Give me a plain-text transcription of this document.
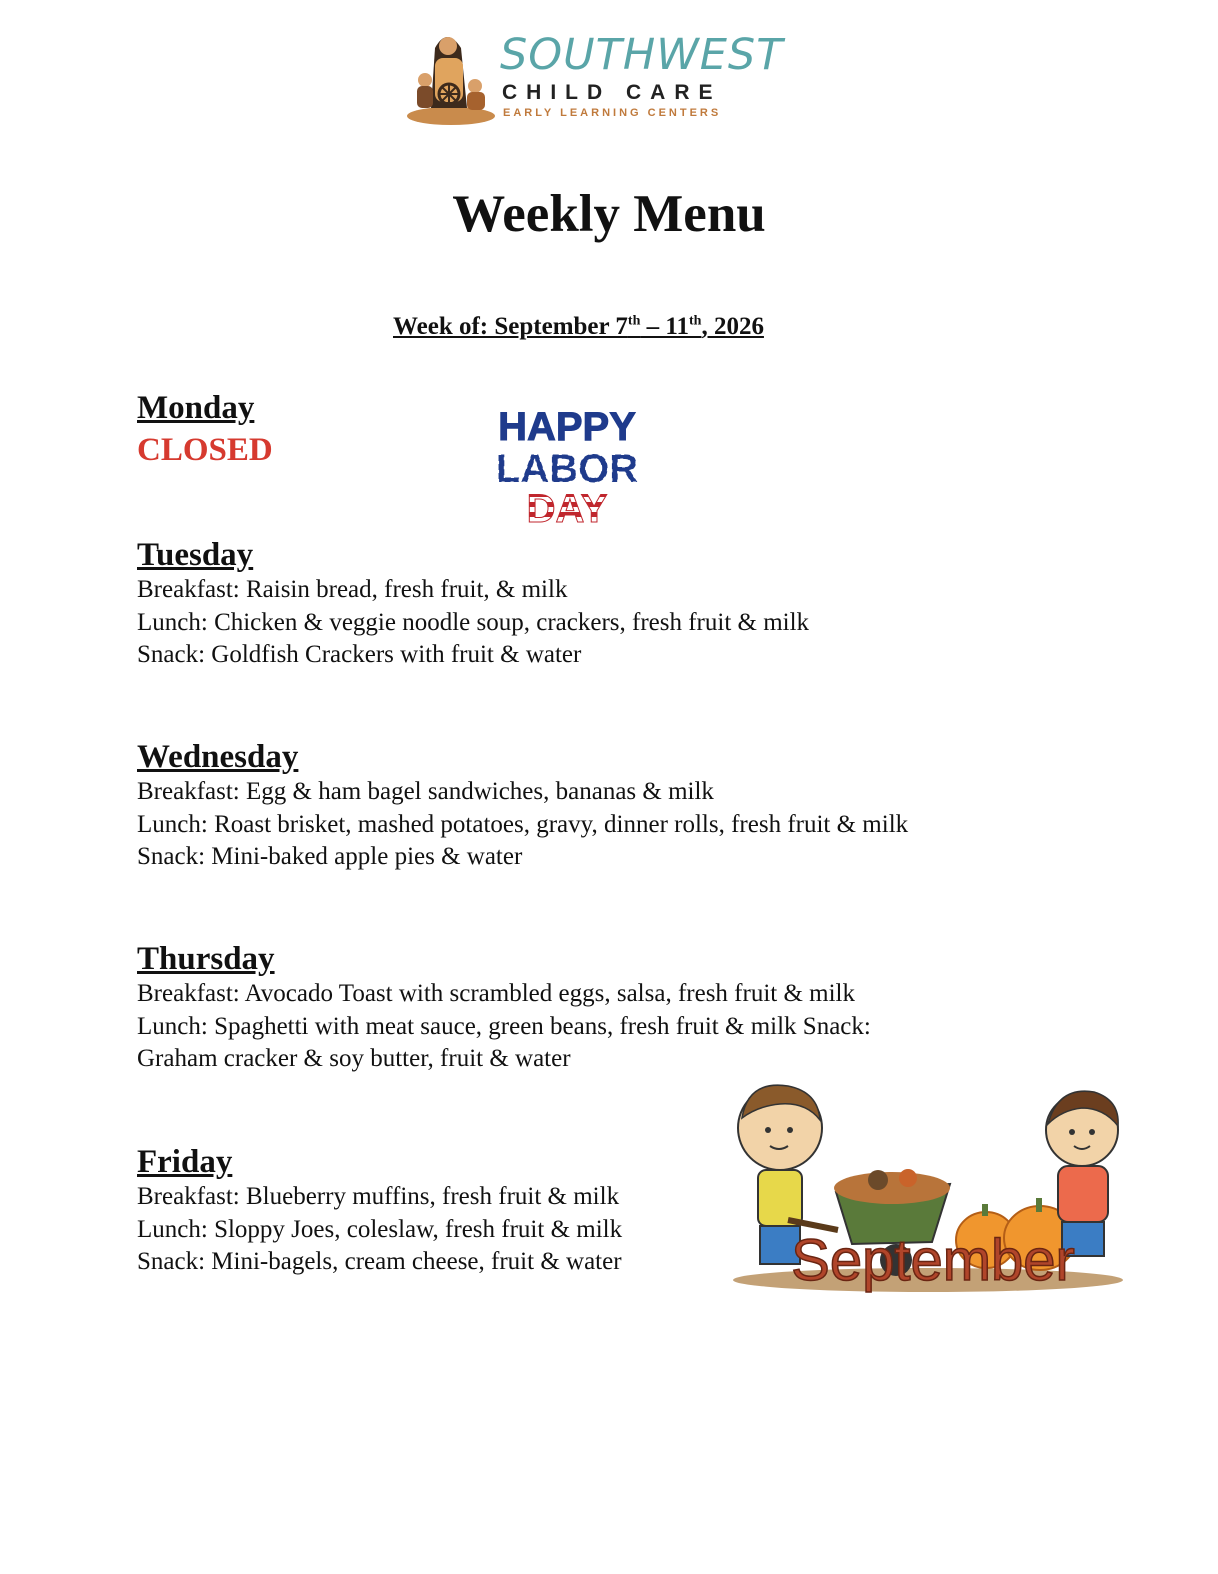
SOUTHWEST
CHILD CARE
EARLY LEARNING CENTERS
Weekly Menu
Week of: September 7th – 11th, 2026
Monday
CLOSED
HAPPY
LABOR
DAY
Tuesday
Breakfast: Raisin bread, fresh fruit, & milk
Lunch: Chicken & veggie noodle soup, crackers, fresh fruit & milk
Snack: Goldfish Crackers with fruit & water
Wednesday
Breakfast: Egg & ham bagel sandwiches, bananas & milk
Lunch: Roast brisket, mashed potatoes, gravy, dinner rolls, fresh fruit & milk
Snack: Mini-baked apple pies & water
Thursday
Breakfast: Avocado Toast with scrambled eggs, salsa, fresh fruit & milk
Lunch: Spaghetti with meat sauce, green beans, fresh fruit & milk Snack:
Graham cracker & soy butter, fruit & water
Friday
Breakfast: Blueberry muffins, fresh fruit & milk
Lunch: Sloppy Joes, coleslaw, fresh fruit & milk
Snack: Mini-bagels, cream cheese, fruit & water	September
